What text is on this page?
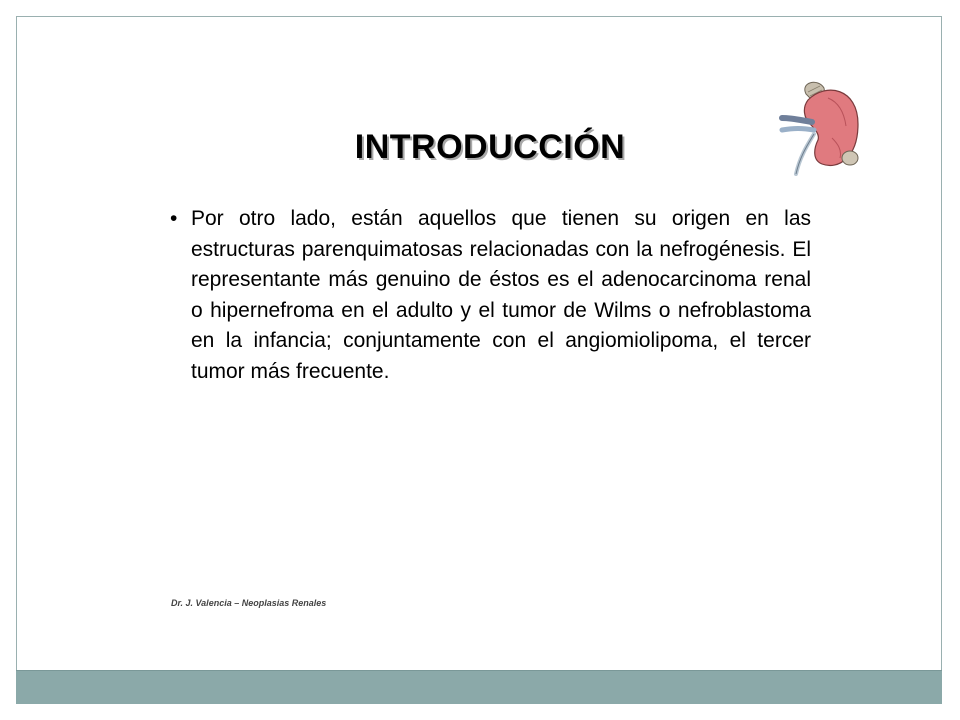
INTRODUCCIÓN
• Por otro lado, están aquellos que tienen su origen en las estructuras parenquimatosas relacionadas con la nefrogénesis. El representante más genuino de éstos es el adenocarcinoma renal o hipernefroma en el adulto y el tumor de Wilms o nefroblastoma en la infancia; conjuntamente con el angiomiolipoma, el tercer tumor más frecuente.
Dr. J. Valencia – Neoplasias Renales
